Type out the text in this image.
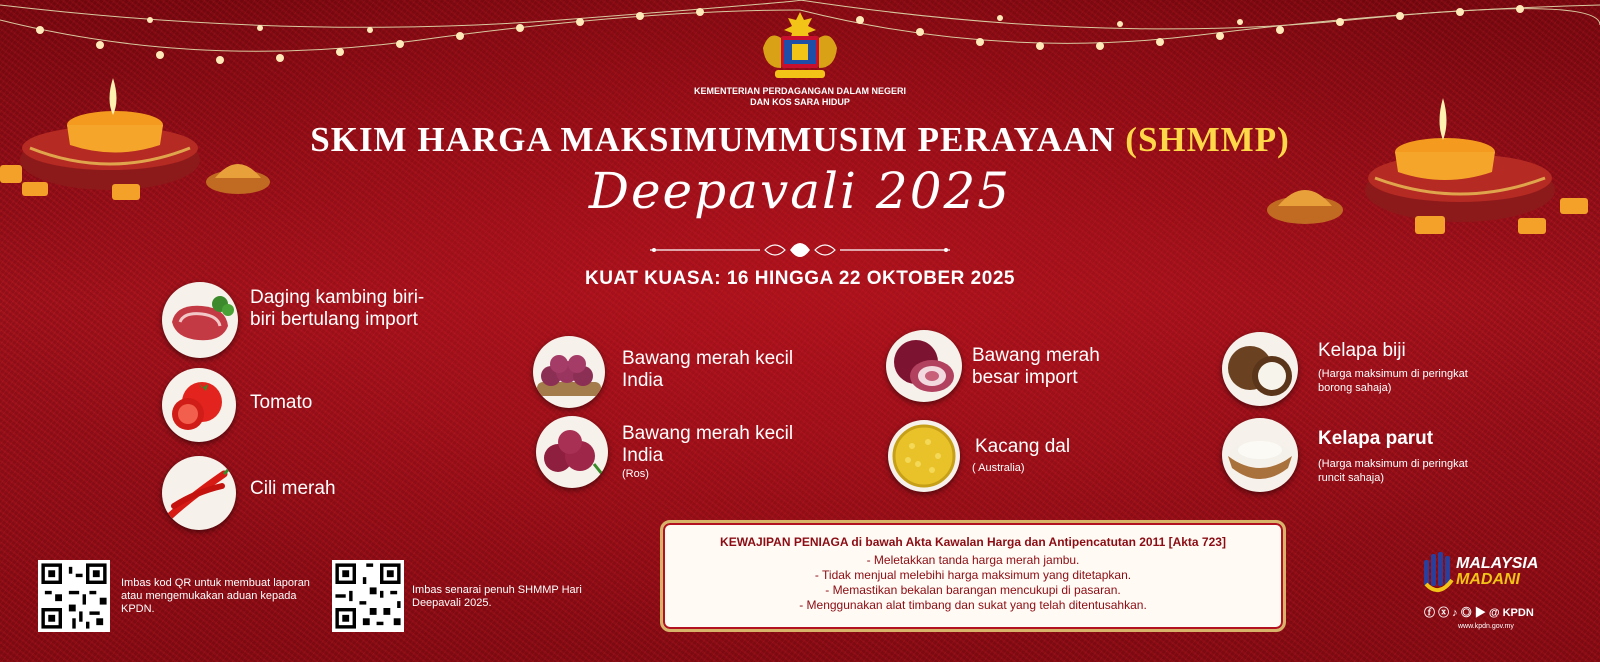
KEMENTERIAN PERDAGANGAN DALAM NEGERI
DAN KOS SARA HIDUP
SKIM HARGA MAKSIMUMMUSIM PERAYAAN (SHMMP)
Deepavali 2025
KUAT KUASA: 16 HINGGA 22 OKTOBER 2025
Daging kambing biri-biri bertulang import
Tomato
Cili merah
Bawang merah kecil India
Bawang merah kecil India
(Ros)
Bawang merah besar import
Kacang dal
( Australia)
Kelapa biji
(Harga maksimum di peringkat borong sahaja)
Kelapa parut
(Harga maksimum di peringkat runcit sahaja)
Imbas kod QR untuk membuat laporan atau mengemukakan aduan kepada KPDN.
Imbas senarai penuh SHMMP Hari Deepavali 2025.
KEWAJIPAN PENIAGA di bawah Akta Kawalan Harga dan Antipencatutan 2011 [Akta 723]
- Meletakkan tanda harga merah jambu.
- Tidak menjual melebihi harga maksimum yang ditetapkan.
- Memastikan bekalan barangan mencukupi di pasaran.
- Menggunakan alat timbang dan sukat yang telah ditentusahkan.
MALAYSIA
MADANI
ⓕ ⓧ ♪ ◎ ▶ @ KPDN
www.kpdn.gov.my
